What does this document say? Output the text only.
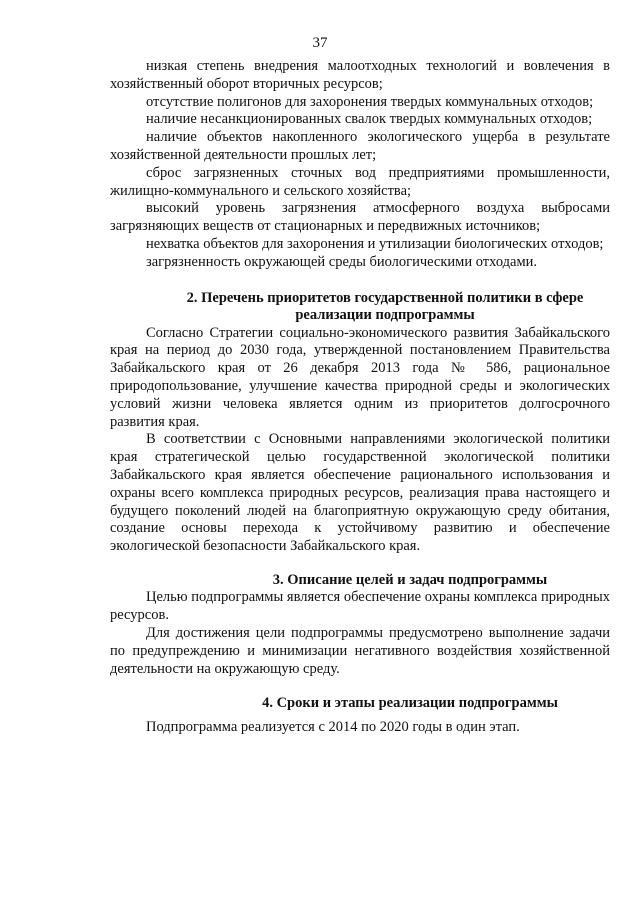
37

низкая степень внедрения малоотходных технологий и вовлечения в хозяйственный оборот вторичных ресурсов;

отсутствие полигонов для захоронения твердых коммунальных отходов;

наличие несанкционированных свалок твердых коммунальных отходов;

наличие объектов накопленного экологического ущерба в результате хозяйственной деятельности прошлых лет;

сброс загрязненных сточных вод предприятиями промышленности, жилищно-коммунального и сельского хозяйства;

высокий уровень загрязнения атмосферного воздуха выбросами загрязняющих веществ от стационарных и передвижных источников;

нехватка объектов для захоронения и утилизации биологических отходов;

загрязненность окружающей среды биологическими отходами.

2. Перечень приоритетов государственной политики в сфере реализации подпрограммы

Согласно Стратегии социально-экономического развития Забайкальского края на период до 2030 года, утвержденной постановлением Правительства Забайкальского края от 26 декабря 2013 года № 586, рациональное природопользование, улучшение качества природной среды и экологических условий жизни человека является одним из приоритетов долгосрочного развития края.

В соответствии с Основными направлениями экологической политики края стратегической целью государственной экологической политики Забайкальского края является обеспечение рационального использования и охраны всего комплекса природных ресурсов, реализация права настоящего и будущего поколений людей на благоприятную окружающую среду обитания, создание основы перехода к устойчивому развитию и обеспечение экологической безопасности Забайкальского края.

3. Описание целей и задач подпрограммы

Целью подпрограммы является обеспечение охраны комплекса природных ресурсов.

Для достижения цели подпрограммы предусмотрено выполнение задачи по предупреждению и минимизации негативного воздействия хозяйственной деятельности на окружающую среду.

4. Сроки и этапы реализации подпрограммы

Подпрограмма реализуется с 2014 по 2020 годы в один этап.
